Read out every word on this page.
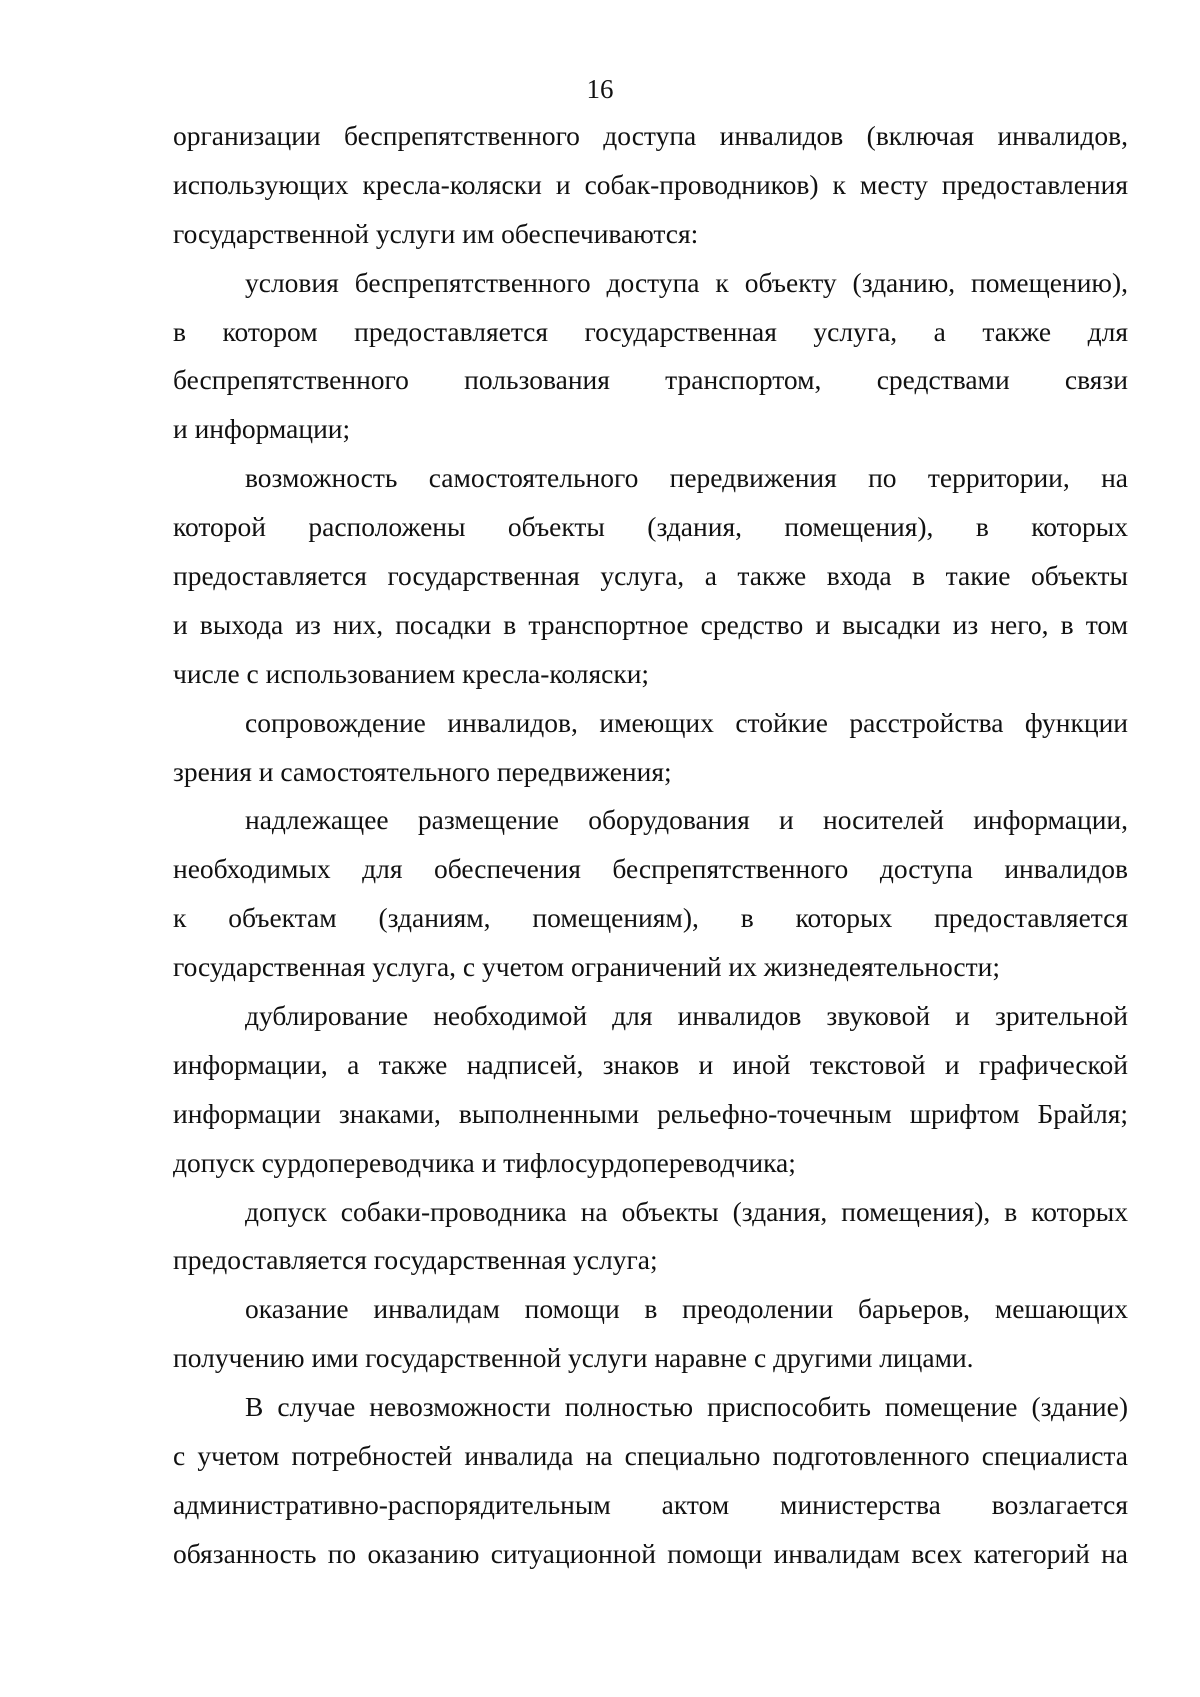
16
организации беспрепятственного доступа инвалидов (включая инвалидов,
использующих кресла-коляски и собак-проводников) к месту предоставления
государственной услуги им обеспечиваются:
условия беспрепятственного доступа к объекту (зданию, помещению),
в котором предоставляется государственная услуга, а также для
беспрепятственного пользования транспортом, средствами связи
и информации;
возможность самостоятельного передвижения по территории, на
которой расположены объекты (здания, помещения), в которых
предоставляется государственная услуга, а также входа в такие объекты
и выхода из них, посадки в транспортное средство и высадки из него, в том
числе с использованием кресла-коляски;
сопровождение инвалидов, имеющих стойкие расстройства функции
зрения и самостоятельного передвижения;
надлежащее размещение оборудования и носителей информации,
необходимых для обеспечения беспрепятственного доступа инвалидов
к объектам (зданиям, помещениям), в которых предоставляется
государственная услуга, с учетом ограничений их жизнедеятельности;
дублирование необходимой для инвалидов звуковой и зрительной
информации, а также надписей, знаков и иной текстовой и графической
информации знаками, выполненными рельефно-точечным шрифтом Брайля;
допуск сурдопереводчика и тифлосурдопереводчика;
допуск собаки-проводника на объекты (здания, помещения), в которых
предоставляется государственная услуга;
оказание инвалидам помощи в преодолении барьеров, мешающих
получению ими государственной услуги наравне с другими лицами.
В случае невозможности полностью приспособить помещение (здание)
с учетом потребностей инвалида на специально подготовленного специалиста
административно-распорядительным актом министерства возлагается
обязанность по оказанию ситуационной помощи инвалидам всех категорий на
